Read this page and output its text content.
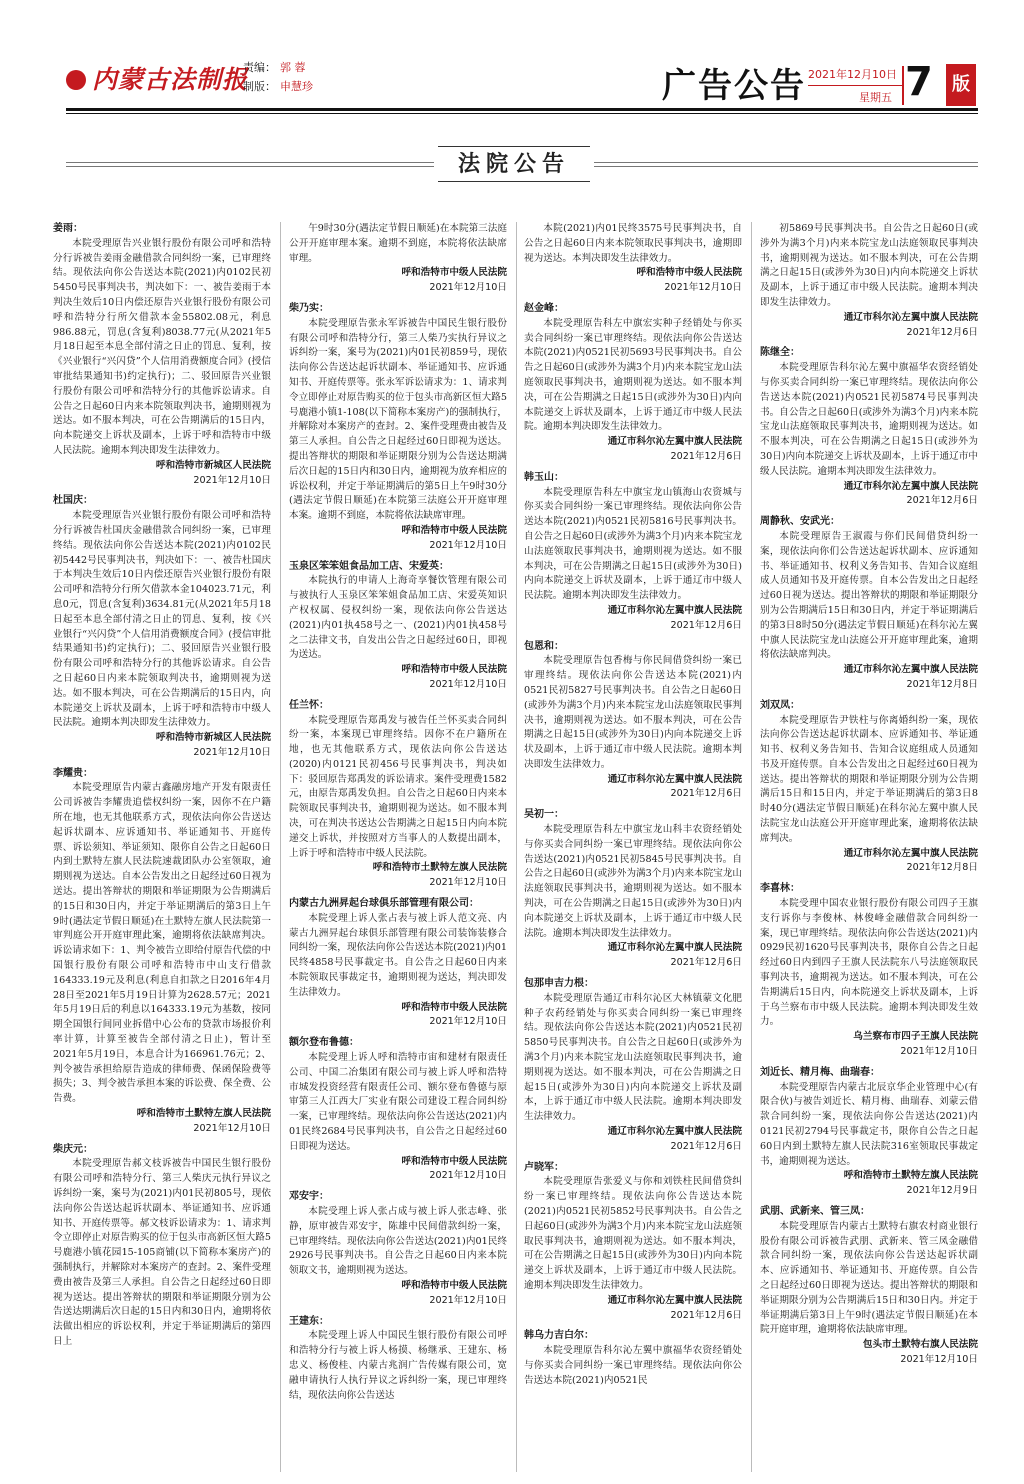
内蒙古法制报
责编： 郭 蓉
制版： 申慧珍	广告公告 2021年12月10日
星期五 7	版
法院公告

姜雨：

本院受理原告兴业银行股份有限公司呼和浩特分行诉被告姜雨金融借款合同纠纷一案，已审理终结。现依法向你公告送达本院(2021)内0102民初5450号民事判决书，判决如下：一、被告姜雨于本判决生效后10日内偿还原告兴业银行股份有限公司呼和浩特分行所欠借款本金55802.08元，利息986.88元，罚息(含复利)8038.77元(从2021年5月18日起至本息全部付清之日止的罚息、复利，按《兴业银行“兴闪贷”个人信用消费额度合同》(授信审批结果通知书)约定执行)；二、驳回原告兴业银行股份有限公司呼和浩特分行的其他诉讼请求。自公告之日起60日内来本院领取判决书，逾期则视为送达。如不服本判决，可在公告期满后的15日内，向本院递交上诉状及副本，上诉于呼和浩特市中级人民法院。逾期本判决即发生法律效力。

呼和浩特市新城区人民法院

2021年12月10日

杜国庆：

本院受理原告兴业银行股份有限公司呼和浩特分行诉被告杜国庆金融借款合同纠纷一案，已审理终结。现依法向你公告送达本院(2021)内0102民初5442号民事判决书，判决如下：一、被告杜国庆于本判决生效后10日内偿还原告兴业银行股份有限公司呼和浩特分行所欠借款本金104023.71元，利息0元，罚息(含复利)3634.81元(从2021年5月18日起至本息全部付清之日止的罚息、复利，按《兴业银行“兴闪贷”个人信用消费额度合同》(授信审批结果通知书)约定执行)；二、驳回原告兴业银行股份有限公司呼和浩特分行的其他诉讼请求。自公告之日起60日内来本院领取判决书，逾期则视为送达。如不服本判决，可在公告期满后的15日内，向本院递交上诉状及副本，上诉于呼和浩特市中级人民法院。逾期本判决即发生法律效力。

呼和浩特市新城区人民法院

2021年12月10日

李耀贵：

本院受理原告内蒙古鑫融房地产开发有限责任公司诉被告李耀贵追偿权纠纷一案，因你不在户籍所在地，也无其他联系方式，现依法向你公告送达起诉状副本、应诉通知书、举证通知书、开庭传票、诉讼须知、举证须知、限你自公告之日起60日内到土默特左旗人民法院速裁团队办公室领取，逾期则视为送达。自本公告发出之日起经过60日视为送达。提出答辩状的期限和举证期限为公告期满后的15日和30日内，并定于举证期满后的第3日上午9时(遇法定节假日顺延)在土默特左旗人民法院第一审判庭公开开庭审理此案，逾期将依法缺席判决。诉讼请求如下：1、判令被告立即给付原告代偿的中国银行股份有限公司呼和浩特市中山支行借款164333.19元及利息(利息自扣款之日2016年4月28日至2021年5月19日计算为2628.57元；2021年5月19日后的利息以164333.19元为基数，按同期全国银行间同业拆借中心公布的贷款市场报价利率计算，计算至被告全部付清之日止)，暂计至2021年5月19日，本息合计为166961.76元；2、判令被告承担给原告造成的律师费、保函保险费等损失；3、判令被告承担本案的诉讼费、保全费、公告费。

呼和浩特市土默特左旗人民法院

2021年12月10日

柴庆元：

本院受理原告郝文枝诉被告中国民生银行股份有限公司呼和浩特分行、第三人柴庆元执行异议之诉纠纷一案，案号为(2021)内01民初805号，现依法向你公告送达起诉状副本、举证通知书、应诉通知书、开庭传票等。郝文枝诉讼请求为：1、请求判令立即停止对原告购买的位于包头市高新区恒大路5号鹿港小镇花园15-105商铺(以下简称本案房产)的强制执行，并解除对本案房产的查封。2、案件受理费由被告及第三人承担。自公告之日起经过60日即视为送达。提出答辩状的期限和举证期限分别为公告送达期满后次日起的15日内和30日内，逾期将依法做出相应的诉讼权利，并定于举证期满后的第四日上

午9时30分(遇法定节假日顺延)在本院第三法庭公开开庭审理本案。逾期不到庭，本院将依法缺席审理。

呼和浩特市中级人民法院

2021年12月10日

柴乃实：

本院受理原告张永军诉被告中国民生银行股份有限公司呼和浩特分行，第三人柴乃实执行异议之诉纠纷一案，案号为(2021)内01民初859号，现依法向你公告送达起诉状副本、举证通知书、应诉通知书、开庭传票等。张永军诉讼请求为：1、请求判令立即停止对原告购买的位于包头市高新区恒大路5号鹿港小镇1-108(以下简称本案房产)的强制执行，并解除对本案房产的查封。2、案件受理费由被告及第三人承担。自公告之日起经过60日即视为送达。提出答辩状的期限和举证期限分别为公告送达期满后次日起的15日内和30日内，逾期视为放弃相应的诉讼权利，并定于举证期满后的第5日上午9时30分(遇法定节假日顺延)在本院第三法庭公开开庭审理本案。逾期不到庭，本院将依法缺席审理。

呼和浩特市中级人民法院

2021年12月10日

玉泉区笨笨姐食品加工店、宋爱英：

本院执行的申请人上海奇享餐饮管理有限公司与被执行人玉泉区笨笨姐食品加工店、宋爱英知识产权权属、侵权纠纷一案，现依法向你公告送达(2021)内01执458号之一、(2021)内01执458号之二法律文书，自发出公告之日起经过60日，即视为送达。

呼和浩特市中级人民法院

2021年12月10日

任兰怀：

本院受理原告郑禹发与被告任兰怀买卖合同纠纷一案，本案现已审理终结。因你不在户籍所在地，也无其他联系方式，现依法向你公告送达(2020)内0121民初456号民事判决书，判决如下：驳回原告郑禹发的诉讼请求。案件受理费1582元，由原告郑禹发负担。自公告之日起60日内来本院领取民事判决书，逾期则视为送达。如不服本判决，可在判决书送达公告期满之日起15日内向本院递交上诉状，并按照对方当事人的人数提出副本，上诉于呼和浩特市中级人民法院。

呼和浩特市土默特左旗人民法院

2021年12月10日

内蒙古九洲昇起台球俱乐部管理有限公司：

本院受理上诉人张占表与被上诉人范文亮、内蒙古九洲昇起台球俱乐部管理有限公司装饰装修合同纠纷一案，现依法向你公告送达本院(2021)内01民终4858号民事裁定书。自公告之日起60日内来本院领取民事裁定书，逾期则视为送达，判决即发生法律效力。

呼和浩特市中级人民法院

2021年12月10日

额尔登布鲁德：

本院受理上诉人呼和浩特市宙和建材有限责任公司、中国二冶集团有限公司与被上诉人呼和浩特市城发投资经营有限责任公司、额尔登布鲁德与原审第三人江西大厂实业有限公司建设工程合同纠纷一案，已审理终结。现依法向你公告送达(2021)内01民终2684号民事判决书，自公告之日起经过60日即视为送达。

呼和浩特市中级人民法院

2021年12月10日

邓安宇：

本院受理上诉人张占成与被上诉人张志峰、张静，原审被告邓安宇，陈雄中民间借款纠纷一案，已审理终结。现依法向你公告送达(2021)内01民终2926号民事判决书。自公告之日起60日内来本院领取文书，逾期则视为送达。

呼和浩特市中级人民法院

2021年12月10日

王建东：

本院受理上诉人中国民生银行股份有限公司呼和浩特分行与被上诉人杨摸、杨继承、王建东、杨忠义、杨俊桂、内蒙古兆润广告传媒有限公司，宽融申请执行人执行异议之诉纠纷一案，现已审理终结，现依法向你公告送达

本院(2021)内01民终3575号民事判决书，自公告之日起60日内来本院领取民事判决书，逾期即视为送达。本判决即发生法律效力。

呼和浩特市中级人民法院

2021年12月10日

赵金峰：

本院受理原告科左中旗宏实种子经销处与你买卖合同纠纷一案已审理终结。现依法向你公告送达本院(2021)内0521民初5693号民事判决书。自公告之日起60日(或涉外为满3个月)内来本院宝龙山法庭领取民事判决书，逾期则视为送达。如不服本判决，可在公告期满之日起15日(或涉外为30日)内向本院递交上诉状及副本，上诉于通辽市中级人民法院。逾期本判决即发生法律效力。

通辽市科尔沁左翼中旗人民法院

2021年12月6日

韩玉山：

本院受理原告科左中旗宝龙山镇海山农资城与你买卖合同纠纷一案已审理终结。现依法向你公告送达本院(2021)内0521民初5816号民事判决书。自公告之日起60日(或涉外为满3个月)内来本院宝龙山法庭领取民事判决书，逾期则视为送达。如不服本判决，可在公告期满之日起15日(或涉外为30日)内向本院递交上诉状及副本，上诉于通辽市中级人民法院。逾期本判决即发生法律效力。

通辽市科尔沁左翼中旗人民法院

2021年12月6日

包恩和：

本院受理原告包香梅与你民间借贷纠纷一案已审理终结。现依法向你公告送达本院(2021)内0521民初5827号民事判决书。自公告之日起60日(或涉外为满3个月)内来本院宝龙山法庭领取民事判决书，逾期则视为送达。如不服本判决，可在公告期满之日起15日(或涉外为30日)内向本院递交上诉状及副本，上诉于通辽市中级人民法院。逾期本判决即发生法律效力。

通辽市科尔沁左翼中旗人民法院

2021年12月6日

吴初一：

本院受理原告科左中旗宝龙山科丰农资经销处与你买卖合同纠纷一案已审理终结。现依法向你公告送达(2021)内0521民初5845号民事判决书。自公告之日起60日(或涉外为满3个月)内来本院宝龙山法庭领取民事判决书，逾期则视为送达。如不服本判决，可在公告期满之日起15日(或涉外为30日)内向本院递交上诉状及副本，上诉于通辽市中级人民法院。逾期本判决即发生法律效力。

通辽市科尔沁左翼中旗人民法院

2021年12月6日

包那申吉力根：

本院受理原告通辽市科尔沁区大林镇蒙文化肥种子农药经销处与你买卖合同纠纷一案已审理终结。现依法向你公告送达本院(2021)内0521民初5850号民事判决书。自公告之日起60日(或涉外为满3个月)内来本院宝龙山法庭领取民事判决书，逾期则视为送达。如不服本判决，可在公告期满之日起15日(或涉外为30日)内向本院递交上诉状及副本，上诉于通辽市中级人民法院。逾期本判决即发生法律效力。

通辽市科尔沁左翼中旗人民法院

2021年12月6日

卢晓军：

本院受理原告张爱义与你和刘铁柱民间借贷纠纷一案已审理终结。现依法向你公告送达本院(2021)内0521民初5852号民事判决书。自公告之日起60日(或涉外为满3个月)内来本院宝龙山法庭领取民事判决书，逾期则视为送达。如不服本判决，可在公告期满之日起15日(或涉外为30日)内向本院递交上诉状及副本，上诉于通辽市中级人民法院。逾期本判决即发生法律效力。

通辽市科尔沁左翼中旗人民法院

2021年12月6日

韩乌力吉白尔：

本院受理原告科尔沁左翼中旗福华农资经销处与你买卖合同纠纷一案已审理终结。现依法向你公告送达本院(2021)内0521民

初5869号民事判决书。自公告之日起60日(或涉外为满3个月)内来本院宝龙山法庭领取民事判决书，逾期则视为送达。如不服本判决，可在公告期满之日起15日(或涉外为30日)内向本院递交上诉状及副本，上诉于通辽市中级人民法院。逾期本判决即发生法律效力。

通辽市科尔沁左翼中旗人民法院

2021年12月6日

陈继全：

本院受理原告科尔沁左翼中旗福华农资经销处与你买卖合同纠纷一案已审理终结。现依法向你公告送达本院(2021)内0521民初5874号民事判决书。自公告之日起60日(或涉外为满3个月)内来本院宝龙山法庭领取民事判决书，逾期则视为送达。如不服本判决，可在公告期满之日起15日(或涉外为30日)内向本院递交上诉状及副本，上诉于通辽市中级人民法院。逾期本判决即发生法律效力。

通辽市科尔沁左翼中旗人民法院

2021年12月6日

周静秋、安武光：

本院受理原告王淑霞与你们民间借贷纠纷一案，现依法向你们公告送达起诉状副本、应诉通知书、举证通知书、权利义务告知书、告知合议庭组成人员通知书及开庭传票。自本公告发出之日起经过60日视为送达。提出答辩状的期限和举证期限分别为公告期满后15日和30日内，并定于举证期满后的第3日8时50分(遇法定节假日顺延)在科尔沁左翼中旗人民法院宝龙山法庭公开开庭审理此案，逾期将依法缺席判决。

通辽市科尔沁左翼中旗人民法院

2021年12月8日

刘双凤：

本院受理原告尹铁柱与你离婚纠纷一案，现依法向你公告送达起诉状副本、应诉通知书、举证通知书、权利义务告知书、告知合议庭组成人员通知书及开庭传票。自本公告发出之日起经过60日视为送达。提出答辩状的期限和举证期限分别为公告期满后15日和15日内，并定于举证期满后的第3日8时40分(遇法定节假日顺延)在科尔沁左翼中旗人民法院宝龙山法庭公开开庭审理此案，逾期将依法缺席判决。

通辽市科尔沁左翼中旗人民法院

2021年12月8日

李喜林：

本院受理中国农业银行股份有限公司四子王旗支行诉你与李俊林、林俊峰金融借款合同纠纷一案，现已审理终结。现依法向你公告送达(2021)内0929民初1620号民事判决书，限你自公告之日起经过60日内到四子王旗人民法院东八号法庭领取民事判决书，逾期视为送达。如不服本判决，可在公告期满后15日内，向本院递交上诉状及副本，上诉于乌兰察布市中级人民法院。逾期本判决即发生效力。

乌兰察布市四子王旗人民法院

2021年12月10日

刘近长、精月梅、曲瑞春：

本院受理原告内蒙古北辰京华企业管理中心(有限合伙)与被告刘近长、精月梅、曲瑞春、刘蒙云借款合同纠纷一案，现依法向你公告送达(2021)内0121民初2794号民事裁定书，限你自公告之日起60日内到土默特左旗人民法院316室领取民事裁定书，逾期则视为送达。

呼和浩特市土默特左旗人民法院

2021年12月9日

武朋、武新来、管三凤：

本院受理原告内蒙古土默特右旗农村商业银行股份有限公司诉被告武朋、武新来、管三凤金融借款合同纠纷一案，现依法向你公告送达起诉状副本、应诉通知书、举证通知书、开庭传票。自公告之日起经过60日即视为送达。提出答辩状的期限和举证期限分别为公告期满后15日和30日内。并定于举证期满后第3日上午9时(遇法定节假日顺延)在本院开庭审理，逾期将依法缺席审理。

包头市土默特右旗人民法院

2021年12月10日
